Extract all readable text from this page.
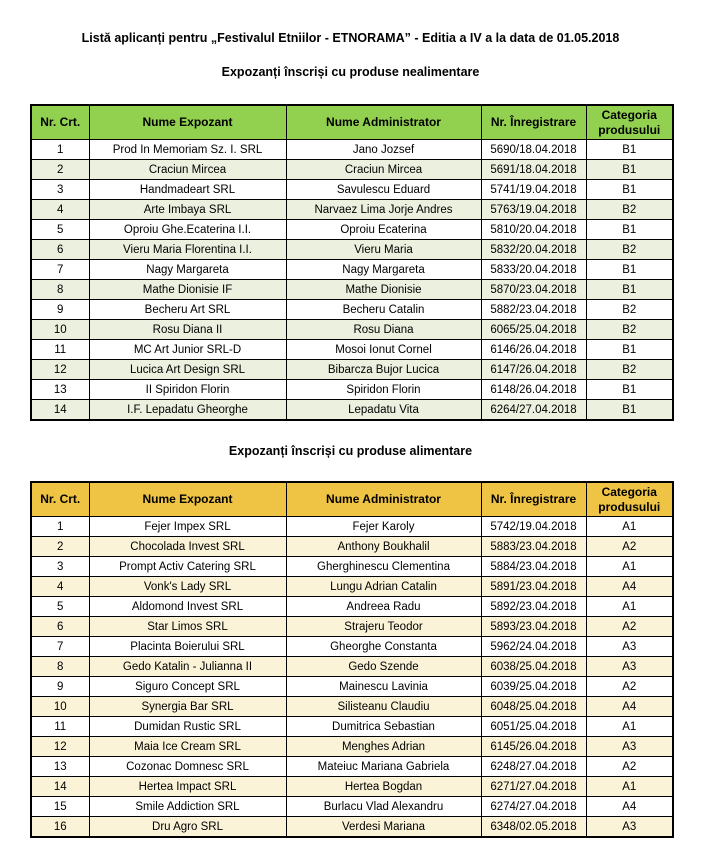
Listă aplicanți pentru „Festivalul Etniilor - ETNORAMA” - Editia a IV a la data de 01.05.2018
Expozanți înscriși cu produse nealimentare
Nr. Crt.	Nume Expozant	Nume Administrator	Nr. Înregistrare	Categoria produsului
1	Prod In Memoriam Sz. I. SRL	Jano Jozsef	5690/18.04.2018	B1
2	Craciun Mircea	Craciun Mircea	5691/18.04.2018	B1
3	Handmadeart SRL	Savulescu Eduard	5741/19.04.2018	B1
4	Arte Imbaya SRL	Narvaez Lima Jorje Andres	5763/19.04.2018	B2
5	Oproiu Ghe.Ecaterina I.I.	Oproiu Ecaterina	5810/20.04.2018	B1
6	Vieru Maria Florentina I.I.	Vieru Maria	5832/20.04.2018	B2
7	Nagy Margareta	Nagy Margareta	5833/20.04.2018	B1
8	Mathe Dionisie IF	Mathe Dionisie	5870/23.04.2018	B1
9	Becheru Art SRL	Becheru Catalin	5882/23.04.2018	B2
10	Rosu Diana II	Rosu Diana	6065/25.04.2018	B2
11	MC Art Junior SRL-D	Mosoi Ionut Cornel	6146/26.04.2018	B1
12	Lucica Art Design SRL	Bibarcza Bujor Lucica	6147/26.04.2018	B2
13	II Spiridon Florin	Spiridon Florin	6148/26.04.2018	B1
14	I.F. Lepadatu Gheorghe	Lepadatu Vita	6264/27.04.2018	B1
Expozanți înscriși cu produse alimentare
Nr. Crt.	Nume Expozant	Nume Administrator	Nr. Înregistrare	Categoria produsului
1	Fejer Impex SRL	Fejer Karoly	5742/19.04.2018	A1
2	Chocolada Invest SRL	Anthony Boukhalil	5883/23.04.2018	A2
3	Prompt Activ Catering SRL	Gherghinescu Clementina	5884/23.04.2018	A1
4	Vonk's Lady SRL	Lungu Adrian Catalin	5891/23.04.2018	A4
5	Aldomond Invest SRL	Andreea Radu	5892/23.04.2018	A1
6	Star Limos SRL	Strajeru Teodor	5893/23.04.2018	A2
7	Placinta Boierului SRL	Gheorghe Constanta	5962/24.04.2018	A3
8	Gedo Katalin - Julianna II	Gedo Szende	6038/25.04.2018	A3
9	Siguro Concept SRL	Mainescu Lavinia	6039/25.04.2018	A2
10	Synergia Bar SRL	Silisteanu Claudiu	6048/25.04.2018	A4
11	Dumidan Rustic SRL	Dumitrica Sebastian	6051/25.04.2018	A1
12	Maia Ice Cream SRL	Menghes Adrian	6145/26.04.2018	A3
13	Cozonac Domnesc SRL	Mateiuc Mariana Gabriela	6248/27.04.2018	A2
14	Hertea Impact SRL	Hertea Bogdan	6271/27.04.2018	A1
15	Smile Addiction SRL	Burlacu Vlad Alexandru	6274/27.04.2018	A4
16	Dru Agro SRL	Verdesi Mariana	6348/02.05.2018	A3
